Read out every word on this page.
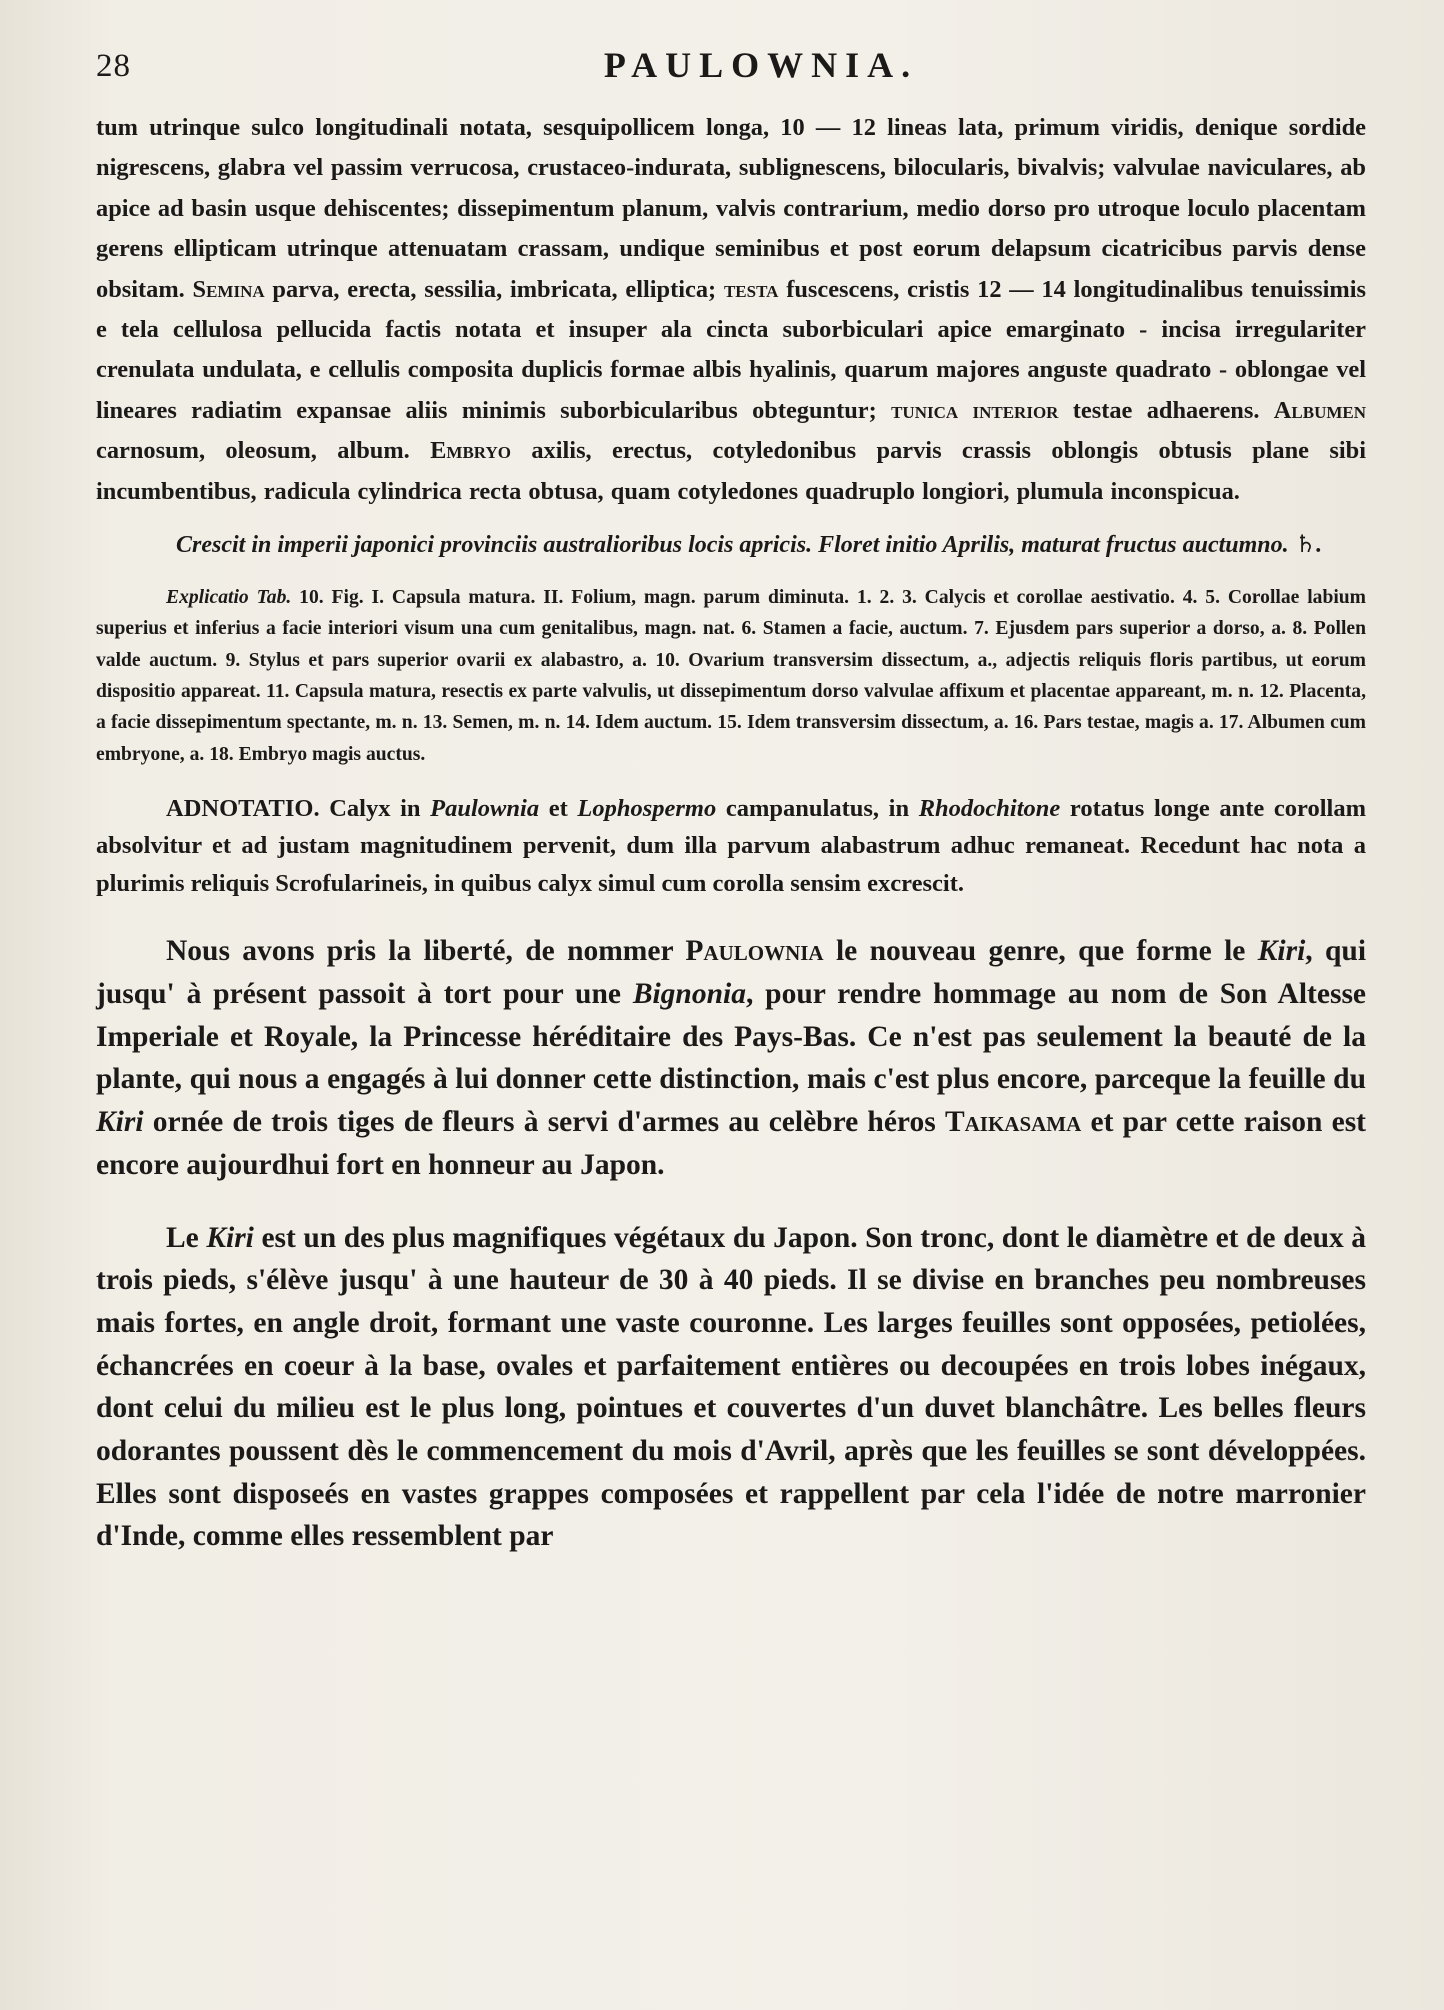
28	PAULOWNIA.

tum utrinque sulco longitudinali notata, sesquipollicem longa, 10 — 12 lineas lata, primum viridis, denique sordide nigrescens, glabra vel passim verrucosa, crustaceo-indurata, sublignescens, bilocularis, bivalvis; valvulae naviculares, ab apice ad basin usque dehiscentes; dissepimentum planum, valvis contrarium, medio dorso pro utroque loculo placentam gerens ellipticam utrinque attenuatam crassam, undique seminibus et post eorum delapsum cicatricibus parvis dense obsitam. Semina parva, erecta, sessilia, imbricata, elliptica; testa fuscescens, cristis 12 — 14 longitudinalibus tenuissimis e tela cellulosa pellucida factis notata et insuper ala cincta suborbiculari apice emarginato - incisa irregulariter crenulata undulata, e cellulis composita duplicis formae albis hyalinis, quarum majores anguste quadrato - oblongae vel lineares radiatim expansae aliis minimis suborbicularibus obteguntur; tunica interior testae adhaerens. Albumen carnosum, oleosum, album. Embryo axilis, erectus, cotyledonibus parvis crassis oblongis obtusis plane sibi incumbentibus, radicula cylindrica recta obtusa, quam cotyledones quadruplo longiori, plumula inconspicua.

Crescit in imperii japonici provinciis australioribus locis apricis. Floret initio Aprilis, maturat fructus auctumno. ♄.

Explicatio Tab. 10. Fig. I. Capsula matura. II. Folium, magn. parum diminuta. 1. 2. 3. Calycis et corollae aestivatio. 4. 5. Corollae labium superius et inferius a facie interiori visum una cum genitalibus, magn. nat. 6. Stamen a facie, auctum. 7. Ejusdem pars superior a dorso, a. 8. Pollen valde auctum. 9. Stylus et pars superior ovarii ex alabastro, a. 10. Ovarium transversim dissectum, a., adjectis reliquis floris partibus, ut eorum dispositio appareat. 11. Capsula matura, resectis ex parte valvulis, ut dissepimentum dorso valvulae affixum et placentae appareant, m. n. 12. Placenta, a facie dissepimentum spectante, m. n. 13. Semen, m. n. 14. Idem auctum. 15. Idem transversim dissectum, a. 16. Pars testae, magis a. 17. Albumen cum embryone, a. 18. Embryo magis auctus.

ADNOTATIO. Calyx in Paulownia et Lophospermo campanulatus, in Rhodochitone rotatus longe ante corollam absolvitur et ad justam magnitudinem pervenit, dum illa parvum alabastrum adhuc remaneat. Recedunt hac nota a plurimis reliquis Scrofularineis, in quibus calyx simul cum corolla sensim excrescit.

Nous avons pris la liberté, de nommer Paulownia le nouveau genre, que forme le Kiri, qui jusqu' à présent passoit à tort pour une Bignonia, pour rendre hommage au nom de Son Altesse Imperiale et Royale, la Princesse héréditaire des Pays-Bas. Ce n'est pas seulement la beauté de la plante, qui nous a engagés à lui donner cette distinction, mais c'est plus encore, parceque la feuille du Kiri ornée de trois tiges de fleurs à servi d'armes au celèbre héros Taikasama et par cette raison est encore aujourdhui fort en honneur au Japon.

Le Kiri est un des plus magnifiques végétaux du Japon. Son tronc, dont le diamètre et de deux à trois pieds, s'élève jusqu' à une hauteur de 30 à 40 pieds. Il se divise en branches peu nombreuses mais fortes, en angle droit, formant une vaste couronne. Les larges feuilles sont opposées, petiolées, échancrées en coeur à la base, ovales et parfaitement entières ou decoupées en trois lobes inégaux, dont celui du milieu est le plus long, pointues et couvertes d'un duvet blanchâtre. Les belles fleurs odorantes poussent dès le commencement du mois d'Avril, après que les feuilles se sont développées. Elles sont disposeés en vastes grappes composées et rappellent par cela l'idée de notre marronier d'Inde, comme elles ressemblent par
